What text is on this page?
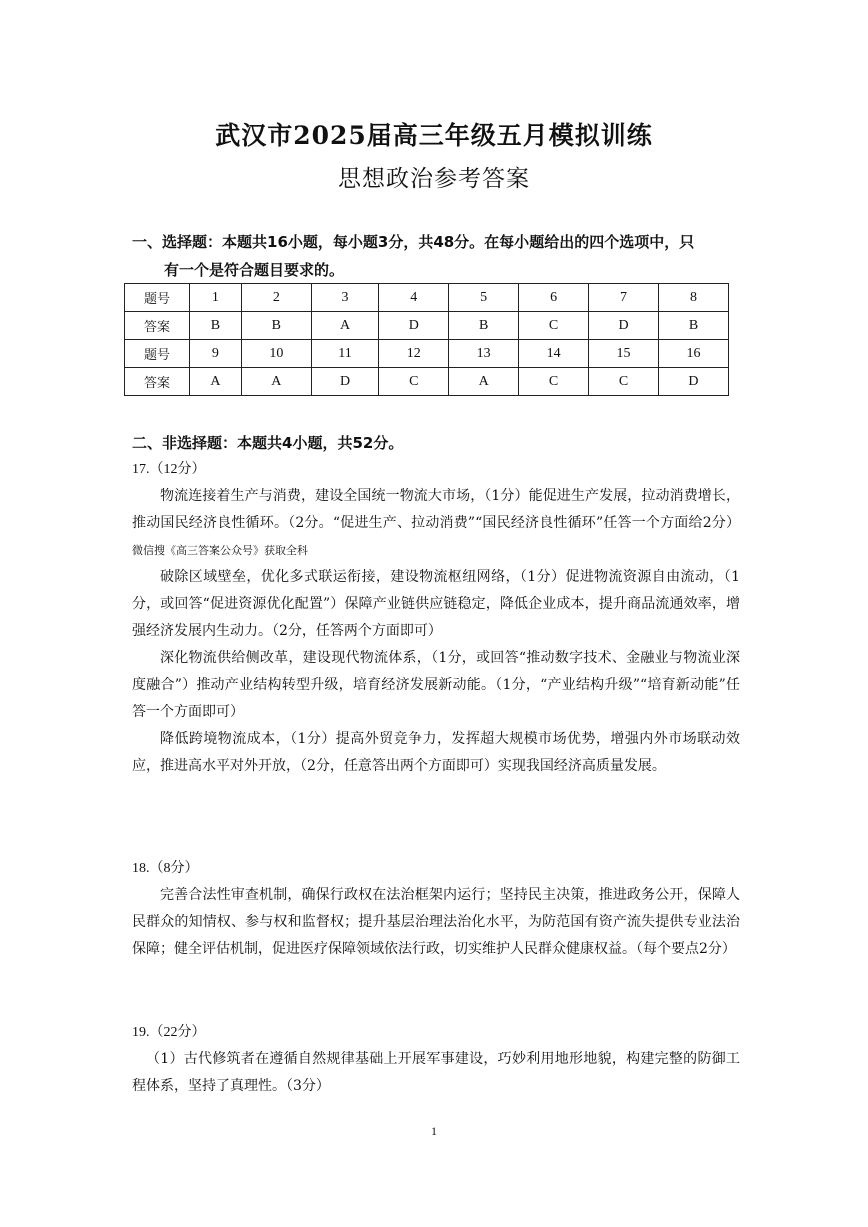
武汉市2025届高三年级五月模拟训练
思想政治参考答案
一、选择题：本题共16小题，每小题3分，共48分。在每小题给出的四个选项中，只
有一个是符合题目要求的。
题号	1	2	3	4	5	6	7	8
答案	B	B	A	D	B	C	D	B
题号	9	10	11	12	13	14	15	16
答案	A	A	D	C	A	C	C	D
二、非选择题：本题共4小题，共52分。
17.（12分）

物流连接着生产与消费，建设全国统一物流大市场，（1分）能促进生产发展，拉动消费增长，推动国民经济良性循环。（2分。“促进生产、拉动消费”“国民经济良性循环”任答一个方面给2分）微信搜《高三答案公众号》获取全科

破除区域壁垒，优化多式联运衔接，建设物流枢纽网络，（1分）促进物流资源自由流动，（1分，或回答“促进资源优化配置”）保障产业链供应链稳定，降低企业成本，提升商品流通效率，增强经济发展内生动力。（2分，任答两个方面即可）

深化物流供给侧改革，建设现代物流体系，（1分，或回答“推动数字技术、金融业与物流业深度融合”）推动产业结构转型升级，培育经济发展新动能。（1分，“产业结构升级”“培育新动能”任答一个方面即可）

降低跨境物流成本，（1分）提高外贸竞争力，发挥超大规模市场优势，增强内外市场联动效应，推进高水平对外开放，（2分，任意答出两个方面即可）实现我国经济高质量发展。

18.（8分）

完善合法性审查机制，确保行政权在法治框架内运行；坚持民主决策，推进政务公开，保障人民群众的知情权、参与权和监督权；提升基层治理法治化水平，为防范国有资产流失提供专业法治保障；健全评估机制，促进医疗保障领域依法行政，切实维护人民群众健康权益。（每个要点2分）

19.（22分）

（1）古代修筑者在遵循自然规律基础上开展军事建设，巧妙利用地形地貌，构建完整的防御工程体系，坚持了真理性。（3分）

1
